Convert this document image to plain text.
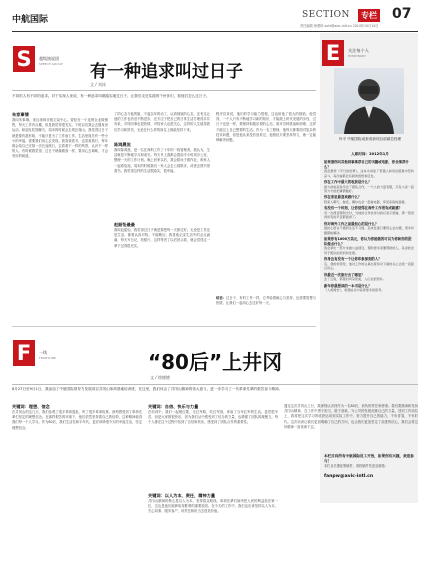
中航国际	SECTION	专栏 07
责任编辑 徐蕾珍 xufz@avic-intl.cn 2014年10月14日
S	超级演说团
SPEECH GROUP 有一种追求叫过日子
文 / 刘冰
不同的人有不同的追求。对于实现人来说，有一种追求叫做踏实地过日子，让我们走近实践的个伙伴们，看他们怎么过日子。
朱家事情
我叫朱事琳。来自深圳市航空局中心。曾经在一个连锁企业做销售，每天工作有点累，但是我觉得很充实。下班以后我会去健身房运动，和朋友吃饭聊天，周末的时候会去郊区爬山。我觉得过日子就是要有滋有味，不能只是为了工作而工作。生活里面总有一些小小的幸福，需要我们用心去发现。我喜欢看书，也喜欢旅行，每年都会给自己安排一次长途旅行，去看看不一样的风景，认识不一样的人。有时候我觉得，过日子就像做饭一样，要用心去调味，才会有好的味道。
了的心态与他的姐，不逾以年的动了，认真细致的心态，还有这让他的工作也仍旧不断进步，还专注于把自己的日常生活打理得井井有条，对待同事也很热情，对待家人也很关心，这样的人生值得我们学习和效仿，无论在什么样的岗位上都能坚持下来。
陈鸿晨说
我叫陈鸿晨，是一名在深圳工作了十年的一线管理者。我认为，生活就是不断地学习和成长。每天早上我都会提前半小时到办公室，整理一天的工作计划。晚上回家以后，我会陪孩子做作业，和家人一起看电视。周末的时候我们一家人会去公园散步，或者去图书馆看书。我觉得这样的生活很踏实，很幸福。
赵韶怡最最
我叫赵韶怡，我觉得过日子就是要把每一天都过好。无论是工作还是生活，都要认真对待，不能敷衍。我喜欢记录生活中的点点滴滴，每天写日记，拍照片，这样等老了以后回头看，就会觉得这一辈子过得很充实。
程序员来说，他们的学习能力很强，这也给他了很大的鼓励。他觉得，一个人只有不断地学习新的知识，才能跟上时代发展的步伐，过日子也是一样，要保持积极乐观的心态，面对各种挑战和困难，这样才能过上自己想要的生活。作为一名工程师，他每天都要面对复杂的技术问题，但是他从来没有放弃过，他相信只要坚持努力，就一定能够解决问题。
结语：过日子，有时工作一样，它考验着耐心与坚持，也需要智慧与热情，让我们一起用心去过好每一天。
E	关注每个人
EVERYBODY
肖平 中航国际成套成套项目部副总经理
入职时间：2012年1月
如果请你向其他同事推荐自己的书籍或电影，你会推荐什么？
我会推荐《平凡的世界》，这本书讲述了普通人如何在困难中坚持奋斗，每次看都会有新的感悟和启发。
你在工作中最大的收获是什么？
最大的收获是学会了团队合作，一个人的力量有限，只有大家一起努力才能把事情做好。
你在家里最喜欢做什么？
陪家人聊天，做饭，偶尔也会一起看电影，享受家庭的温暖。
有没有一个时刻，让你觉得在海外工作很有成就感？
有一次项目顺利交付，当地的合作伙伴对我们表示感谢，那一刻觉得所有的辛苦都值得了。
你对海外工作之前最担心的是什么？
最担心语言不通和生活不习惯，后来发现只要用心去沟通，很多问题都能解决。
如果你有1000万美元，你认为你能做的可以为你和你的团队做点什么？
我会拿出一部分来做公益项目，帮助更多需要帮助的人，其余的会用于团队的培训和发展。
你身边有没有一个让你印象深刻的人？
有，我的老领导，他对工作的认真态度和对下属的关心让我一直铭记在心。
你最近一次旅行去了哪里？
去了云南，那里的风景很美，人们也很淳朴。
新年你最想读的一本书是什么？
《人类简史》，希望能从中获得更多的思考。
本栏目向所有中航国际员工开放，如果你有兴趣，欢迎参与！
本栏目长期征集稿件，请将稿件发送至邮箱：
fanpw@avic-intl.cn
F	一线
FRONTLINE	“80后”上井冈
文 / 徐德德
8月27日至9月1日，我参加了中航国际领导力发展项目井冈山革命基地培训班，在这里，我们体会了井冈山精神的伟大意义，进一步学习了一代革命先辈的艰苦奋斗精神。
关键词：理想、信念
在井冈山的这几天，我们参观了很多革命遗址，听了很多革命故事，深刻感受到了革命先辈们坚定的理想信念。在那样艰苦的环境下，他们依然坚持着自己的信仰，这种精神值得我们每一个人学习。作为80后，我们生活在和平年代，更应该珍惜今天的幸福生活，坚定理想信念。
关键词：自信、快乐与力量
在培训中，我们一起唱红歌，走红军路，吃红军饭，体验了当年红军的生活。虽然很辛苦，但是大家都很快乐，因为我们从中感受到了信念的力量，也增强了团队的凝聚力。每个人都在这个过程中找到了自信和快乐，感受到了团队合作的重要性。
关键词：以人为本，责任，精神力量
井冈山精神的核心是以人为本，坚持群众路线。革命先辈们始终把人民的利益放在第一位，这也是他们能够取得胜利的重要原因。在今天的工作中，我们也应该坚持以人为本，关心同事，服务客户，用责任和担当去创造价值。
通过这次井冈山之行，我深刻认识到作为一名80后，肩负的责任和使命。我们要继承和发扬井冈山精神，在工作中勇于担当，敢于创新，为公司的发展贡献自己的力量。回到工作岗位上，我将把这次学习的收获运用到实际工作中，努力提升自己的能力，不负青春，不负时代。这次培训让我们更加明确了自己的方向，也让我们更加坚定了前进的信心，我们会将这份精神一直传承下去。
